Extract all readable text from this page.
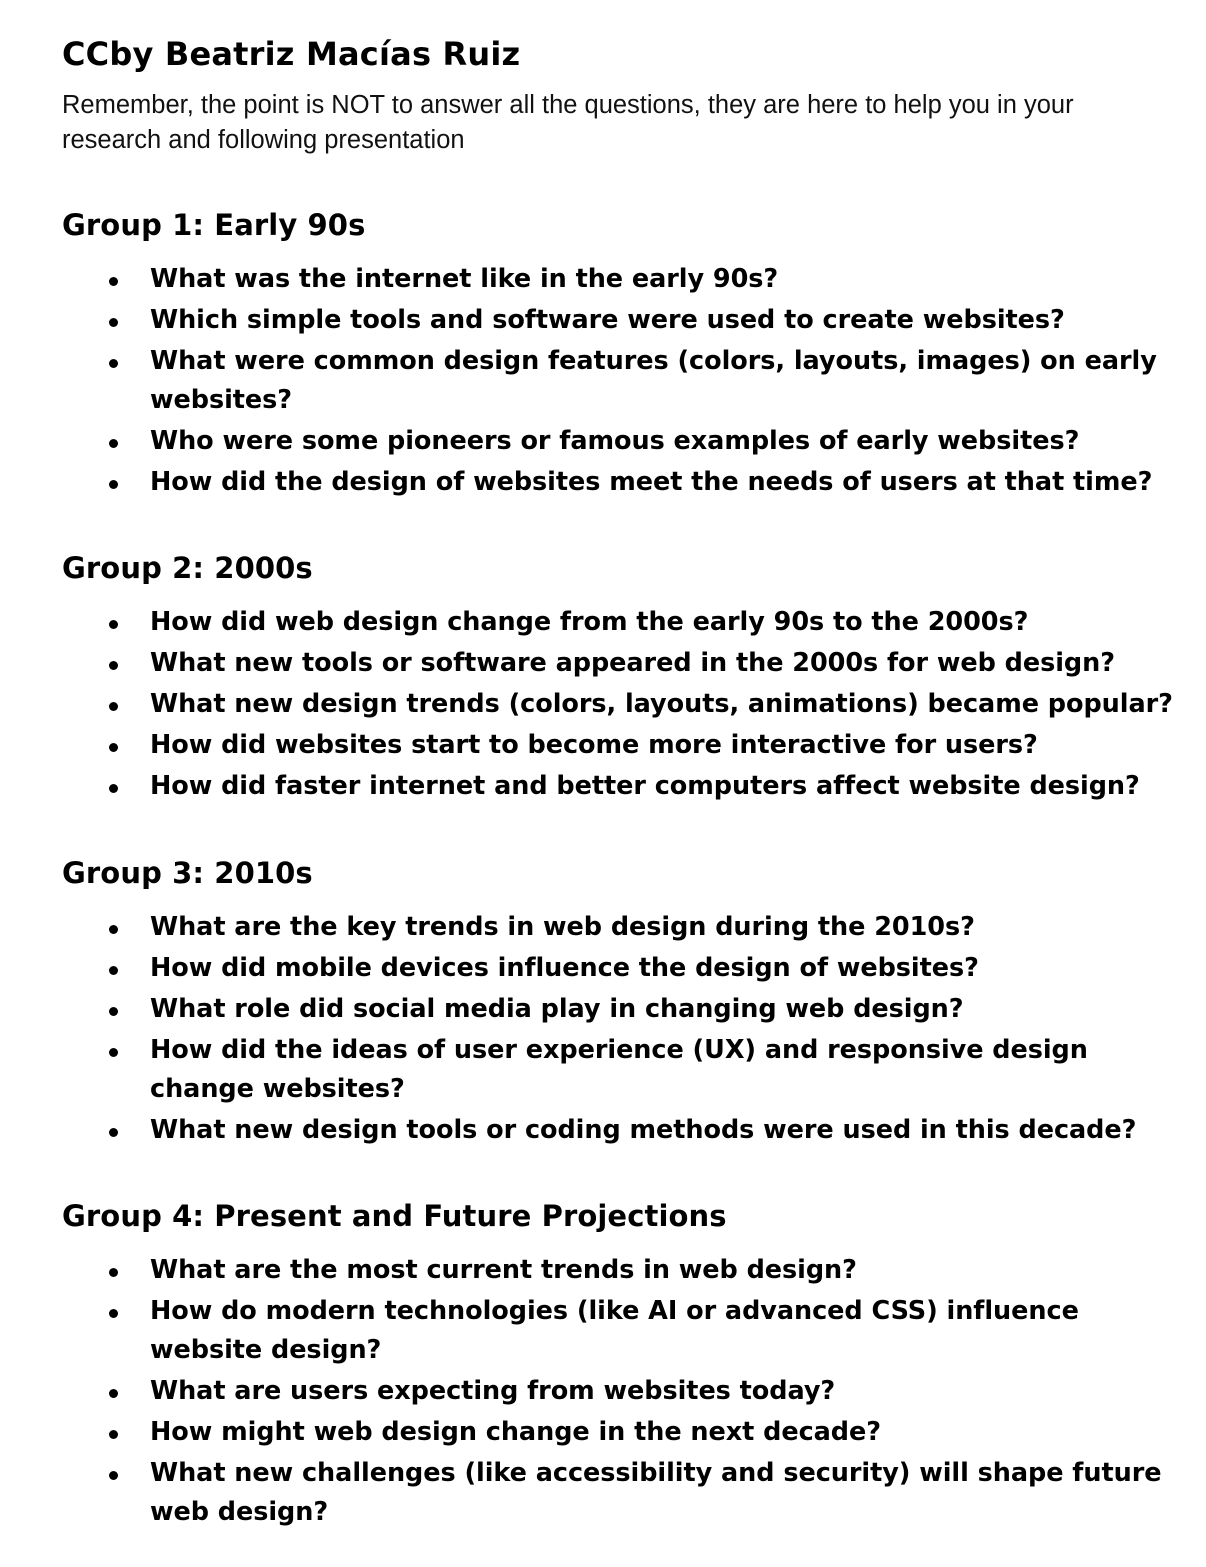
CCby Beatriz Macías Ruiz

Remember, the point is NOT to answer all the questions, they are here to help you in your research and following presentation

Group 1: Early 90s
What was the internet like in the early 90s?
Which simple tools and software were used to create websites?
What were common design features (colors, layouts, images) on early websites?
Who were some pioneers or famous examples of early websites?
How did the design of websites meet the needs of users at that time?
Group 2: 2000s
How did web design change from the early 90s to the 2000s?
What new tools or software appeared in the 2000s for web design?
What new design trends (colors, layouts, animations) became popular?
How did websites start to become more interactive for users?
How did faster internet and better computers affect website design?
Group 3: 2010s
What are the key trends in web design during the 2010s?
How did mobile devices influence the design of websites?
What role did social media play in changing web design?
How did the ideas of user experience (UX) and responsive design change websites?
What new design tools or coding methods were used in this decade?
Group 4: Present and Future Projections
What are the most current trends in web design?
How do modern technologies (like AI or advanced CSS) influence website design?
What are users expecting from websites today?
How might web design change in the next decade?
What new challenges (like accessibility and security) will shape future web design?
